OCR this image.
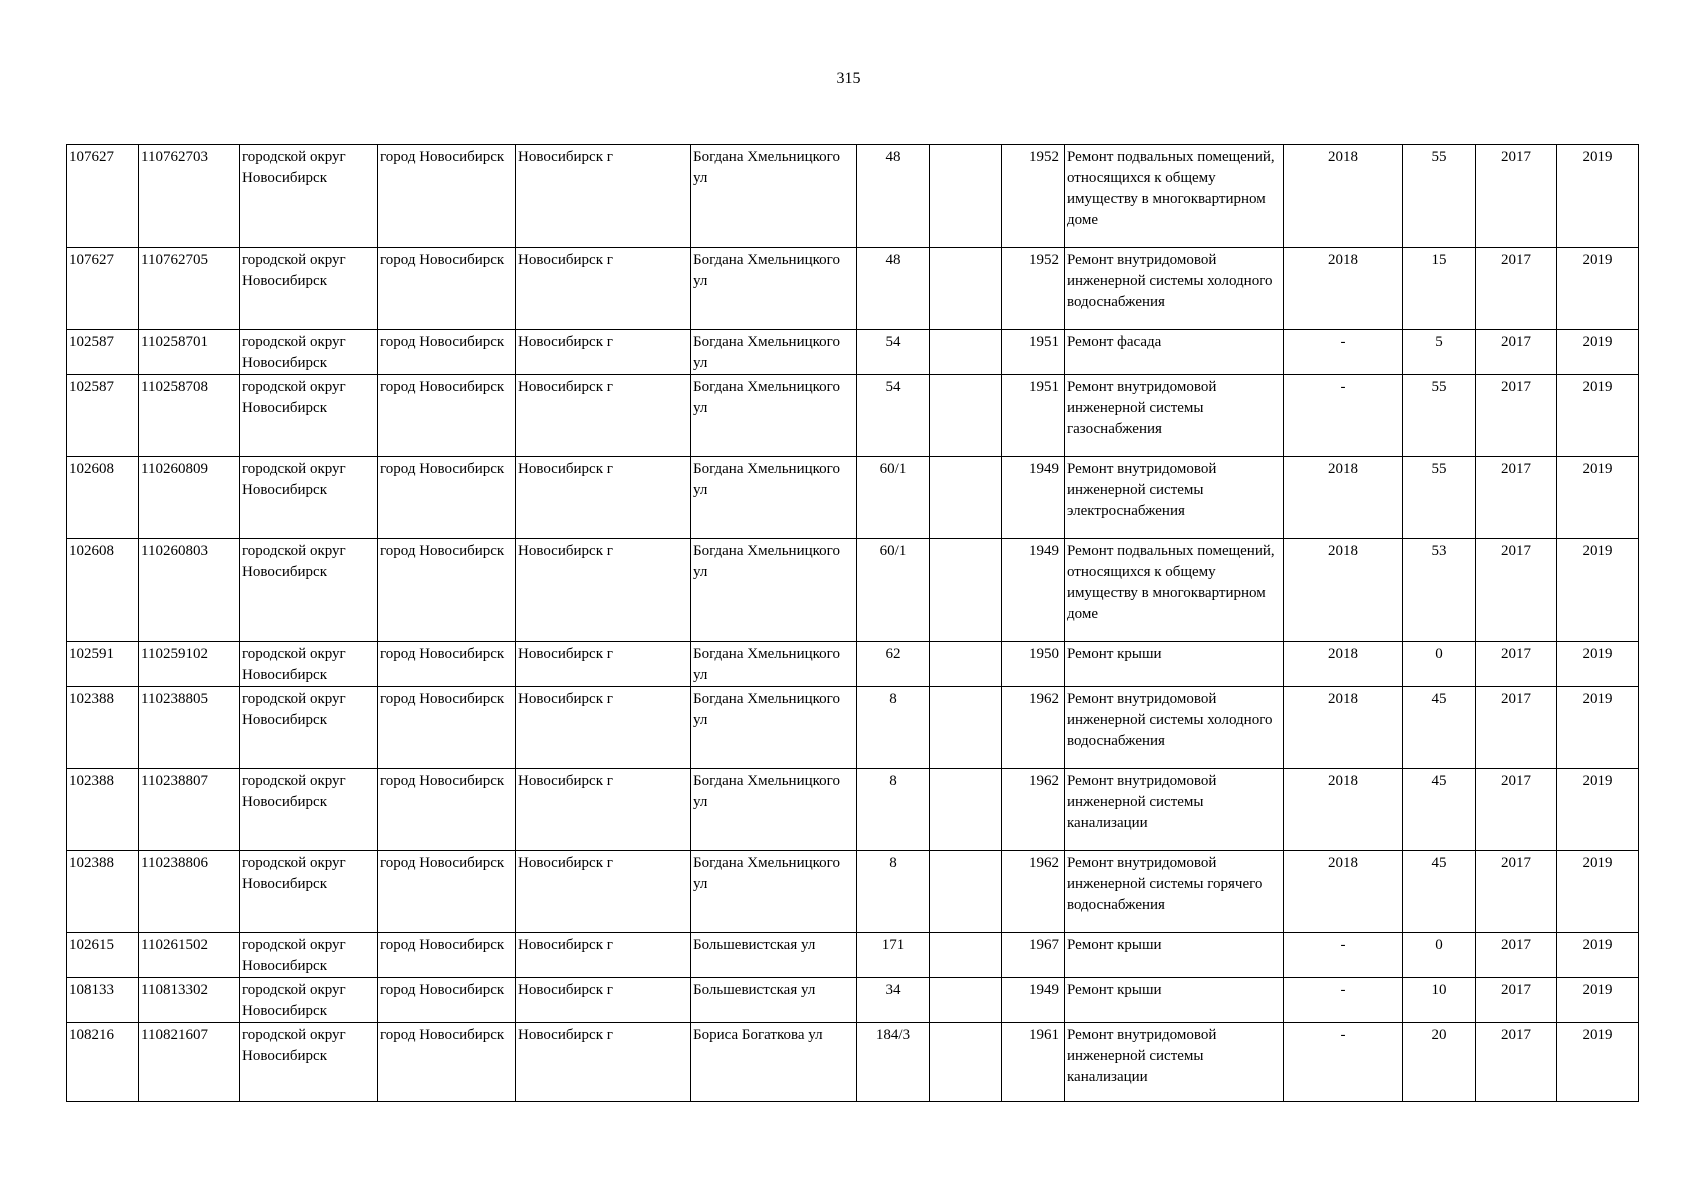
315
107627	110762703	городской округ Новосибирск	город Новосибирск	Новосибирск г	Богдана Хмельницкого ул	48		1952	Ремонт подвальных помещений, относящихся к общему имуществу в многоквартирном доме	2018	55	2017	2019
107627	110762705	городской округ Новосибирск	город Новосибирск	Новосибирск г	Богдана Хмельницкого ул	48		1952	Ремонт внутридомовой инженерной системы холодного водоснабжения	2018	15	2017	2019
102587	110258701	городской округ Новосибирск	город Новосибирск	Новосибирск г	Богдана Хмельницкого ул	54		1951	Ремонт фасада	-	5	2017	2019
102587	110258708	городской округ Новосибирск	город Новосибирск	Новосибирск г	Богдана Хмельницкого ул	54		1951	Ремонт внутридомовой инженерной системы газоснабжения	-	55	2017	2019
102608	110260809	городской округ Новосибирск	город Новосибирск	Новосибирск г	Богдана Хмельницкого ул	60/1		1949	Ремонт внутридомовой инженерной системы электроснабжения	2018	55	2017	2019
102608	110260803	городской округ Новосибирск	город Новосибирск	Новосибирск г	Богдана Хмельницкого ул	60/1		1949	Ремонт подвальных помещений, относящихся к общему имуществу в многоквартирном доме	2018	53	2017	2019
102591	110259102	городской округ Новосибирск	город Новосибирск	Новосибирск г	Богдана Хмельницкого ул	62		1950	Ремонт крыши	2018	0	2017	2019
102388	110238805	городской округ Новосибирск	город Новосибирск	Новосибирск г	Богдана Хмельницкого ул	8		1962	Ремонт внутридомовой инженерной системы холодного водоснабжения	2018	45	2017	2019
102388	110238807	городской округ Новосибирск	город Новосибирск	Новосибирск г	Богдана Хмельницкого ул	8		1962	Ремонт внутридомовой инженерной системы канализации	2018	45	2017	2019
102388	110238806	городской округ Новосибирск	город Новосибирск	Новосибирск г	Богдана Хмельницкого ул	8		1962	Ремонт внутридомовой инженерной системы горячего водоснабжения	2018	45	2017	2019
102615	110261502	городской округ Новосибирск	город Новосибирск	Новосибирск г	Большевистская ул	171		1967	Ремонт крыши	-	0	2017	2019
108133	110813302	городской округ Новосибирск	город Новосибирск	Новосибирск г	Большевистская ул	34		1949	Ремонт крыши	-	10	2017	2019
108216	110821607	городской округ Новосибирск	город Новосибирск	Новосибирск г	Бориса Богаткова ул	184/3		1961	Ремонт внутридомовой инженерной системы канализации	-	20	2017	2019
